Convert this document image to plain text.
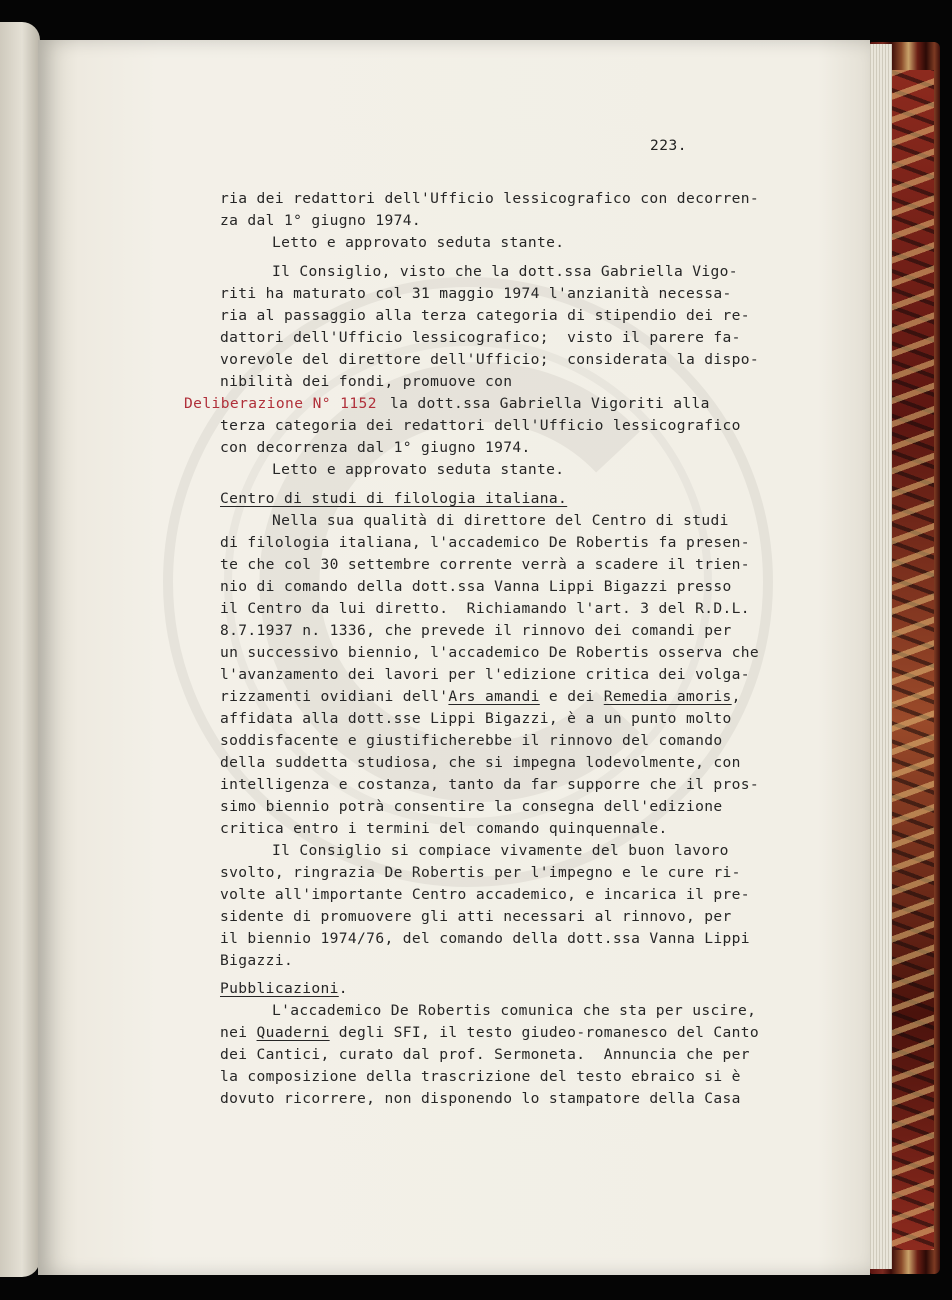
223.
ria dei redattori dell'Ufficio lessicografico con decorren-
za dal 1° giugno 1974.
Letto e approvato seduta stante.
Il Consiglio, visto che la dott.ssa Gabriella Vigo-
riti ha maturato col 31 maggio 1974 l'anzianità necessa-
ria al passaggio alla terza categoria di stipendio dei re-
dattori dell'Ufficio lessicografico;  visto il parere fa-
vorevole del direttore dell'Ufficio;  considerata la dispo-
nibilità dei fondi, promuove con
Deliberazione N° 1152 la dott.ssa Gabriella Vigoriti alla
terza categoria dei redattori dell'Ufficio lessicografico
con decorrenza dal 1° giugno 1974.
Letto e approvato seduta stante.
Centro di studi di filologia italiana.
Nella sua qualità di direttore del Centro di studi
di filologia italiana, l'accademico De Robertis fa presen-
te che col 30 settembre corrente verrà a scadere il trien-
nio di comando della dott.ssa Vanna Lippi Bigazzi presso
il Centro da lui diretto.  Richiamando l'art. 3 del R.D.L.
8.7.1937 n. 1336, che prevede il rinnovo dei comandi per
un successivo biennio, l'accademico De Robertis osserva che
l'avanzamento dei lavori per l'edizione critica dei volga-
rizzamenti ovidiani dell'Ars amandi e dei Remedia amoris,
affidata alla dott.sse Lippi Bigazzi, è a un punto molto
soddisfacente e giustificherebbe il rinnovo del comando
della suddetta studiosa, che si impegna lodevolmente, con
intelligenza e costanza, tanto da far supporre che il pros-
simo biennio potrà consentire la consegna dell'edizione
critica entro i termini del comando quinquennale.
Il Consiglio si compiace vivamente del buon lavoro
svolto, ringrazia De Robertis per l'impegno e le cure ri-
volte all'importante Centro accademico, e incarica il pre-
sidente di promuovere gli atti necessari al rinnovo, per
il biennio 1974/76, del comando della dott.ssa Vanna Lippi
Bigazzi.
Pubblicazioni.
L'accademico De Robertis comunica che sta per uscire,
nei Quaderni degli SFI, il testo giudeo-romanesco del Canto
dei Cantici, curato dal prof. Sermoneta.  Annuncia che per
la composizione della trascrizione del testo ebraico si è
dovuto ricorrere, non disponendo lo stampatore della Casa
